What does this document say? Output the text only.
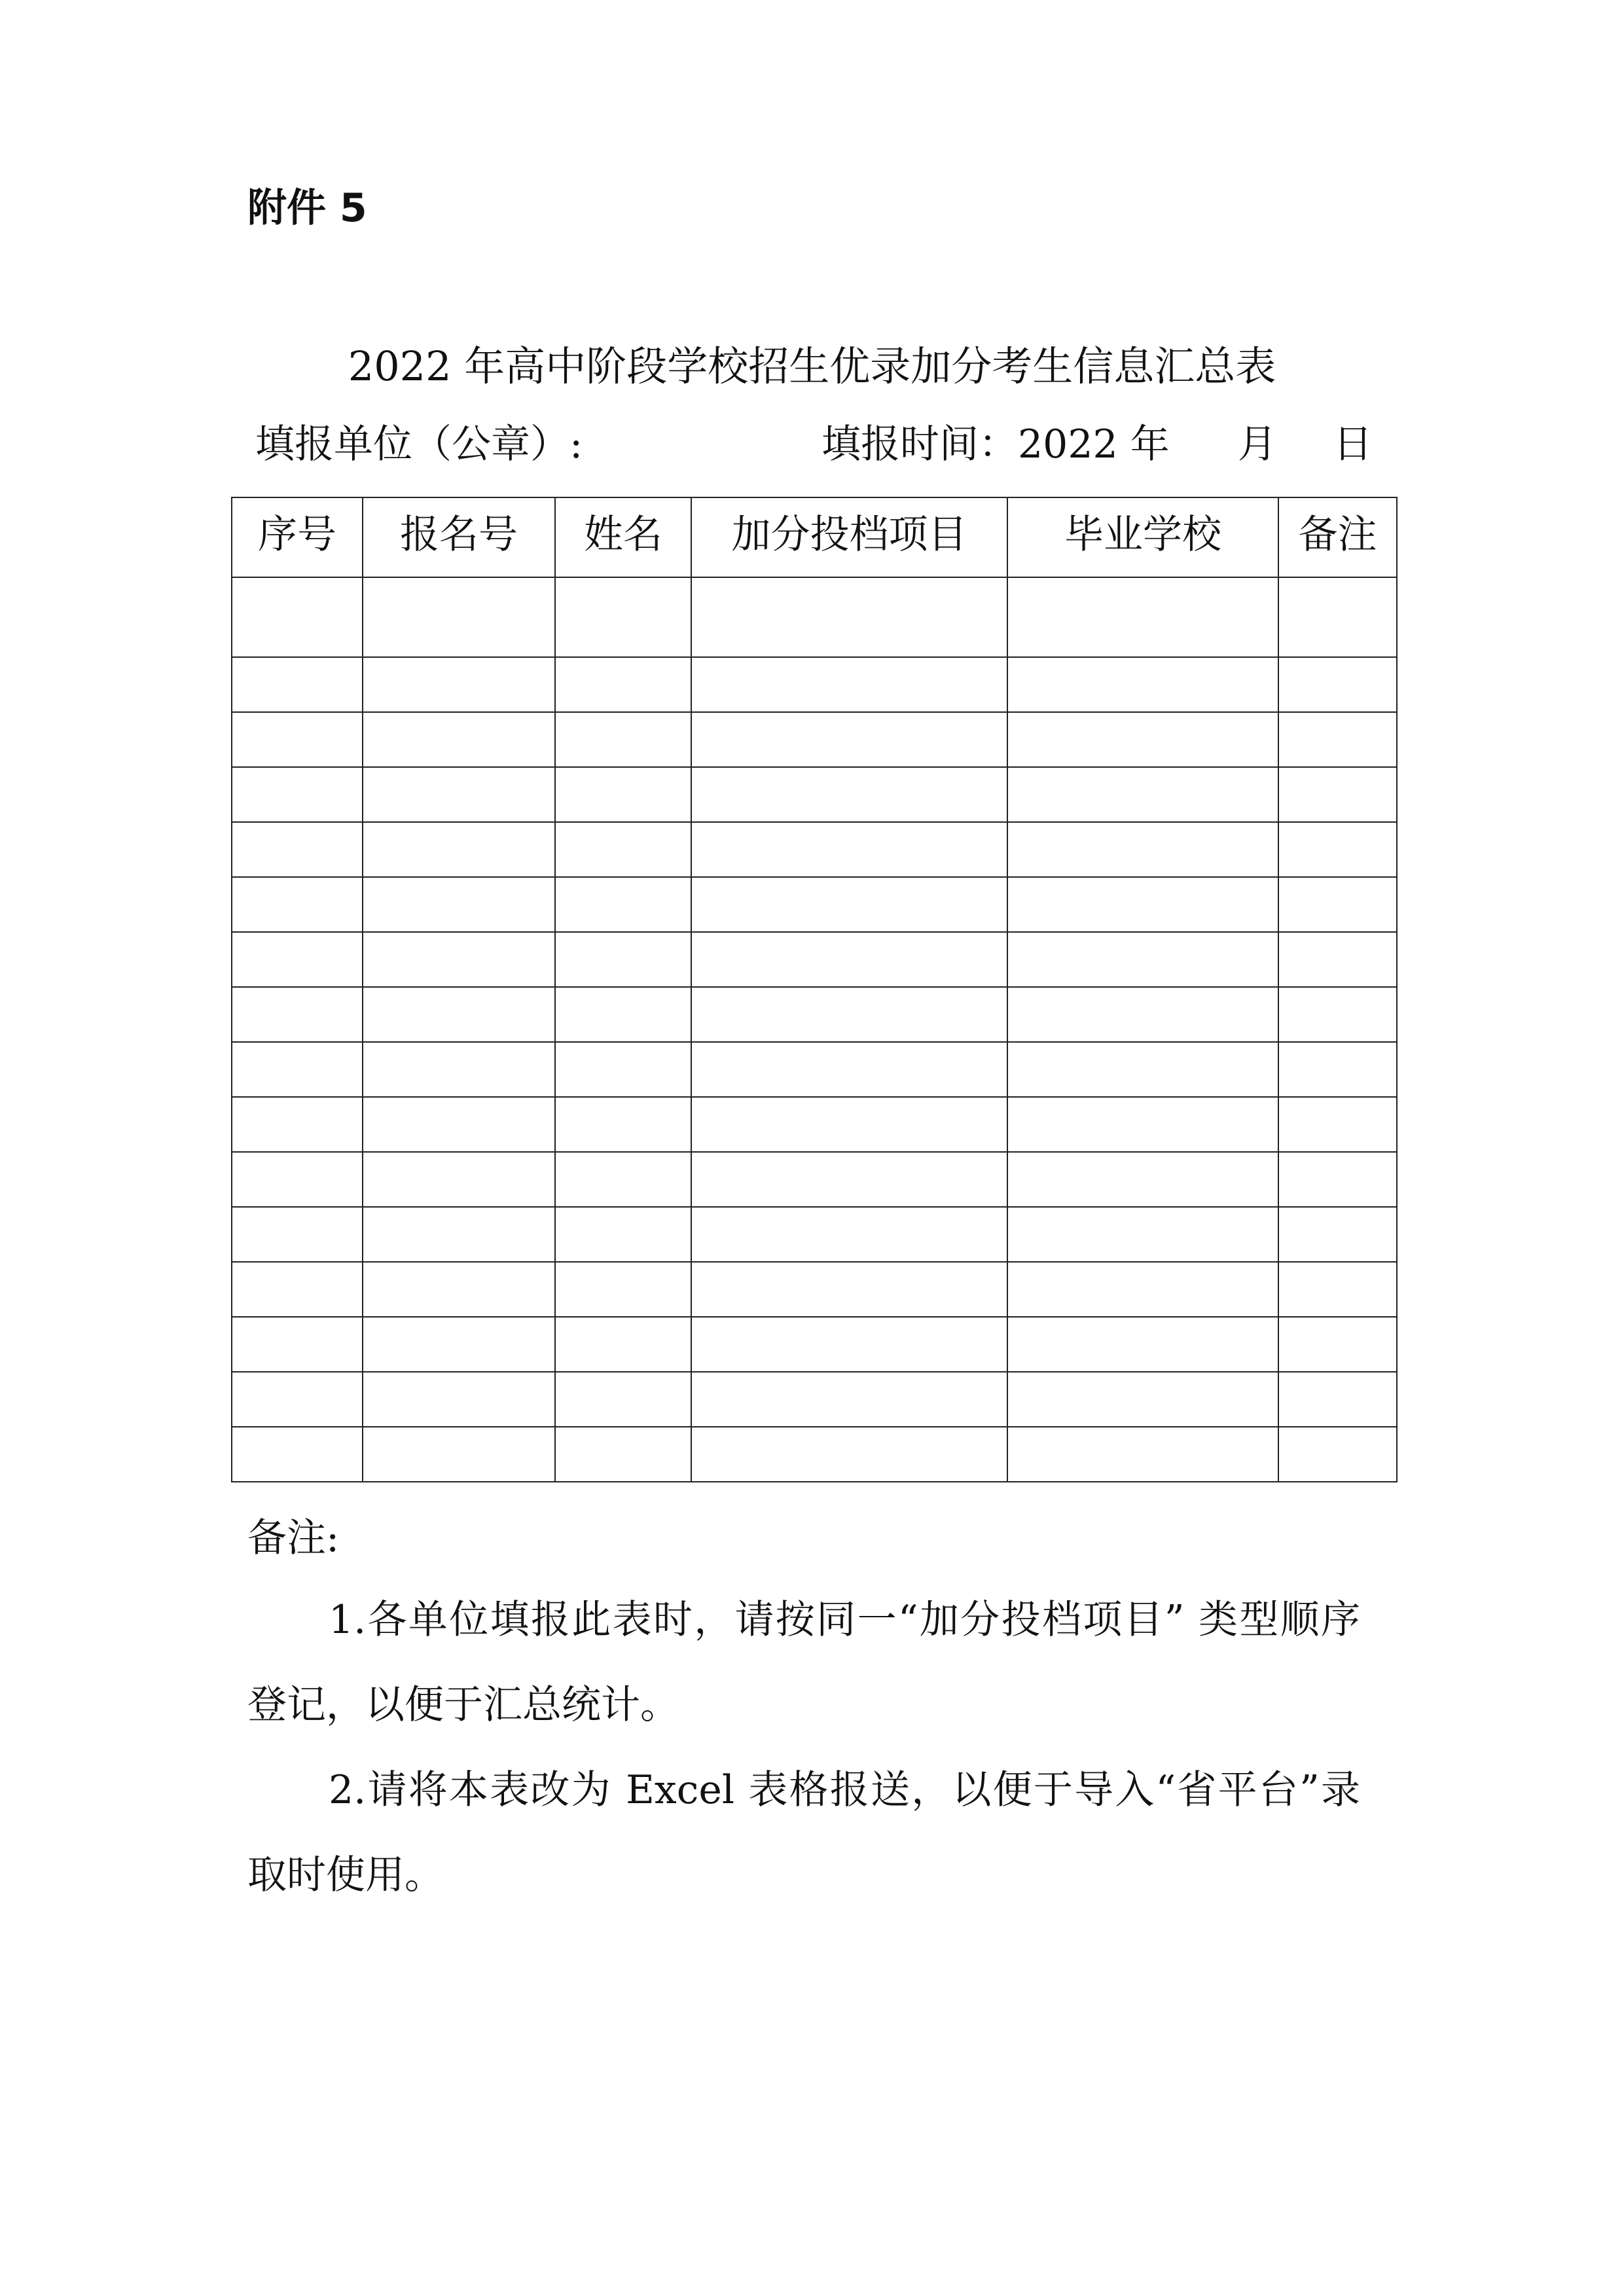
附件 5
2022 年高中阶段学校招生优录加分考生信息汇总表
填报单位（公章）:	填报时间：2022 年 月 日
序号	报名号	姓名	加分投档项目	毕业学校	备注

备注:
1.各单位填报此表时，请按同一“加分投档项目” 类型顺序登记，以便于汇总统计。
2.请将本表改为 Excel 表格报送，以便于导入“省平台”录取时使用。
